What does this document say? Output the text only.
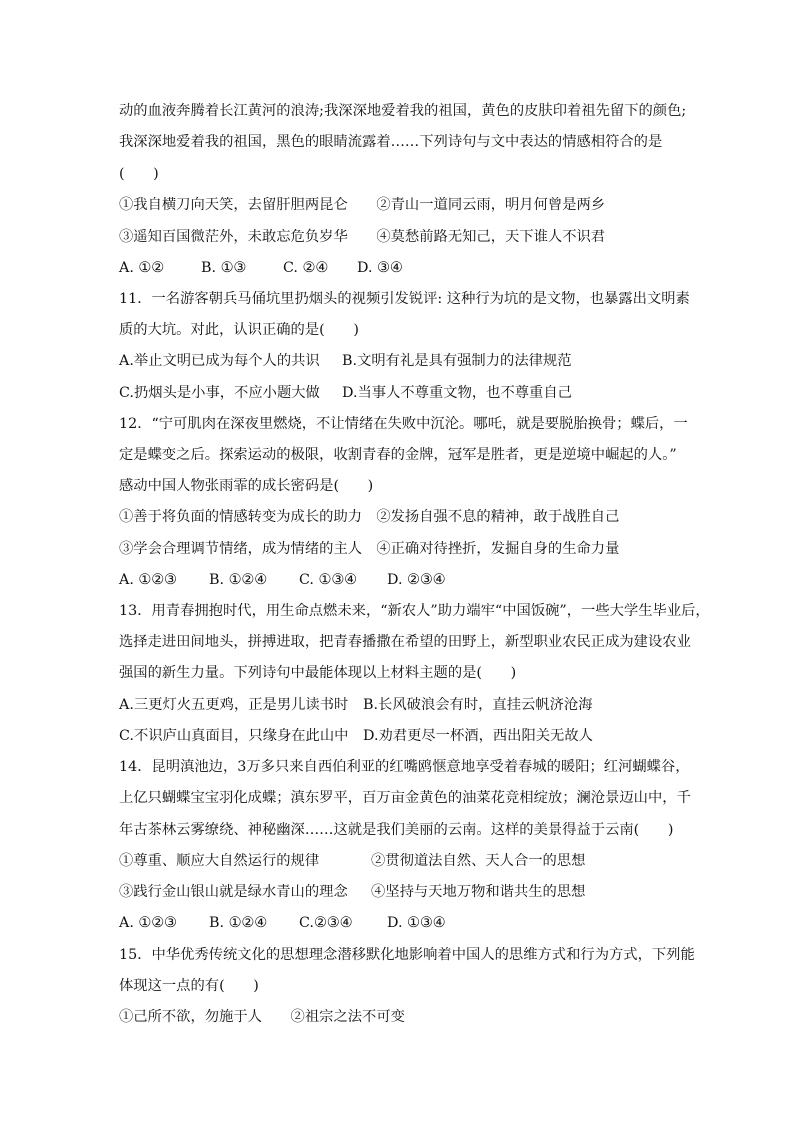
动的血液奔腾着长江黄河的浪涛;我深深地爱着我的祖国，黄色的皮肤印着祖先留下的颜色;
我深深地爱着我的祖国，黑色的眼睛流露着……下列诗句与文中表达的情感相符合的是
(　　)
①我自横刀向天笑，去留肝胆两昆仑　　②青山一道同云雨，明月何曾是两乡
③遥知百国微茫外，未敢忘危负岁华　　④莫愁前路无知己，天下谁人不识君
A. ①②	B. ①③	C. ②④ D. ③④
11．一名游客朝兵马俑坑里扔烟头的视频引发锐评: 这种行为坑的是文物，也暴露出文明素
质的大坑。对此，认识正确的是(　　)
A.举止文明已成为每个人的共识 B.文明有礼是具有强制力的法律规范
C.扔烟头是小事，不应小题大做 D.当事人不尊重文物，也不尊重自己
12．“宁可肌肉在深夜里燃烧，不让情绪在失败中沉沦。哪吒，就是要脱胎换骨；蝶后，一
定是蝶变之后。探索运动的极限，收割青春的金牌，冠军是胜者，更是逆境中崛起的人。”
感动中国人物张雨霏的成长密码是(　　)
①善于将负面的情感转变为成长的助力　②发扬自强不息的精神，敢于战胜自己
③学会合理调节情绪，成为情绪的主人　④正确对待挫折，发掘自身的生命力量
A. ①②③ B. ①②④ C. ①③④ D. ②③④
13．用青春拥抱时代，用生命点燃未来，“新农人”助力端牢“中国饭碗”，一些大学生毕业后，
选择走进田间地头，拼搏进取，把青春播撒在希望的田野上，新型职业农民正成为建设农业
强国的新生力量。下列诗句中最能体现以上材料主题的是(　　)
A.三更灯火五更鸡，正是男儿读书时 B.长风破浪会有时，直挂云帆济沧海
C.不识庐山真面目，只缘身在此山中 D.劝君更尽一杯酒，西出阳关无故人
14．昆明滇池边，3万多只来自西伯利亚的红嘴鸥惬意地享受着春城的暖阳；红河蝴蝶谷，
上亿只蝴蝶宝宝羽化成蝶；滇东罗平，百万亩金黄色的油菜花竞相绽放；澜沧景迈山中，千
年古茶林云雾缭绕、神秘幽深……这就是我们美丽的云南。这样的美景得益于云南(　　)
①尊重、顺应大自然运行的规律	②贯彻道法自然、天人合一的思想
③践行金山银山就是绿水青山的理念 ④坚持与天地万物和谐共生的思想
A. ①②③ B. ①②④ C.②③④ D. ①③④
15．中华优秀传统文化的思想理念潜移默化地影响着中国人的思维方式和行为方式，下列能
体现这一点的有(　　)
①己所不欲，勿施于人　　②祖宗之法不可变
